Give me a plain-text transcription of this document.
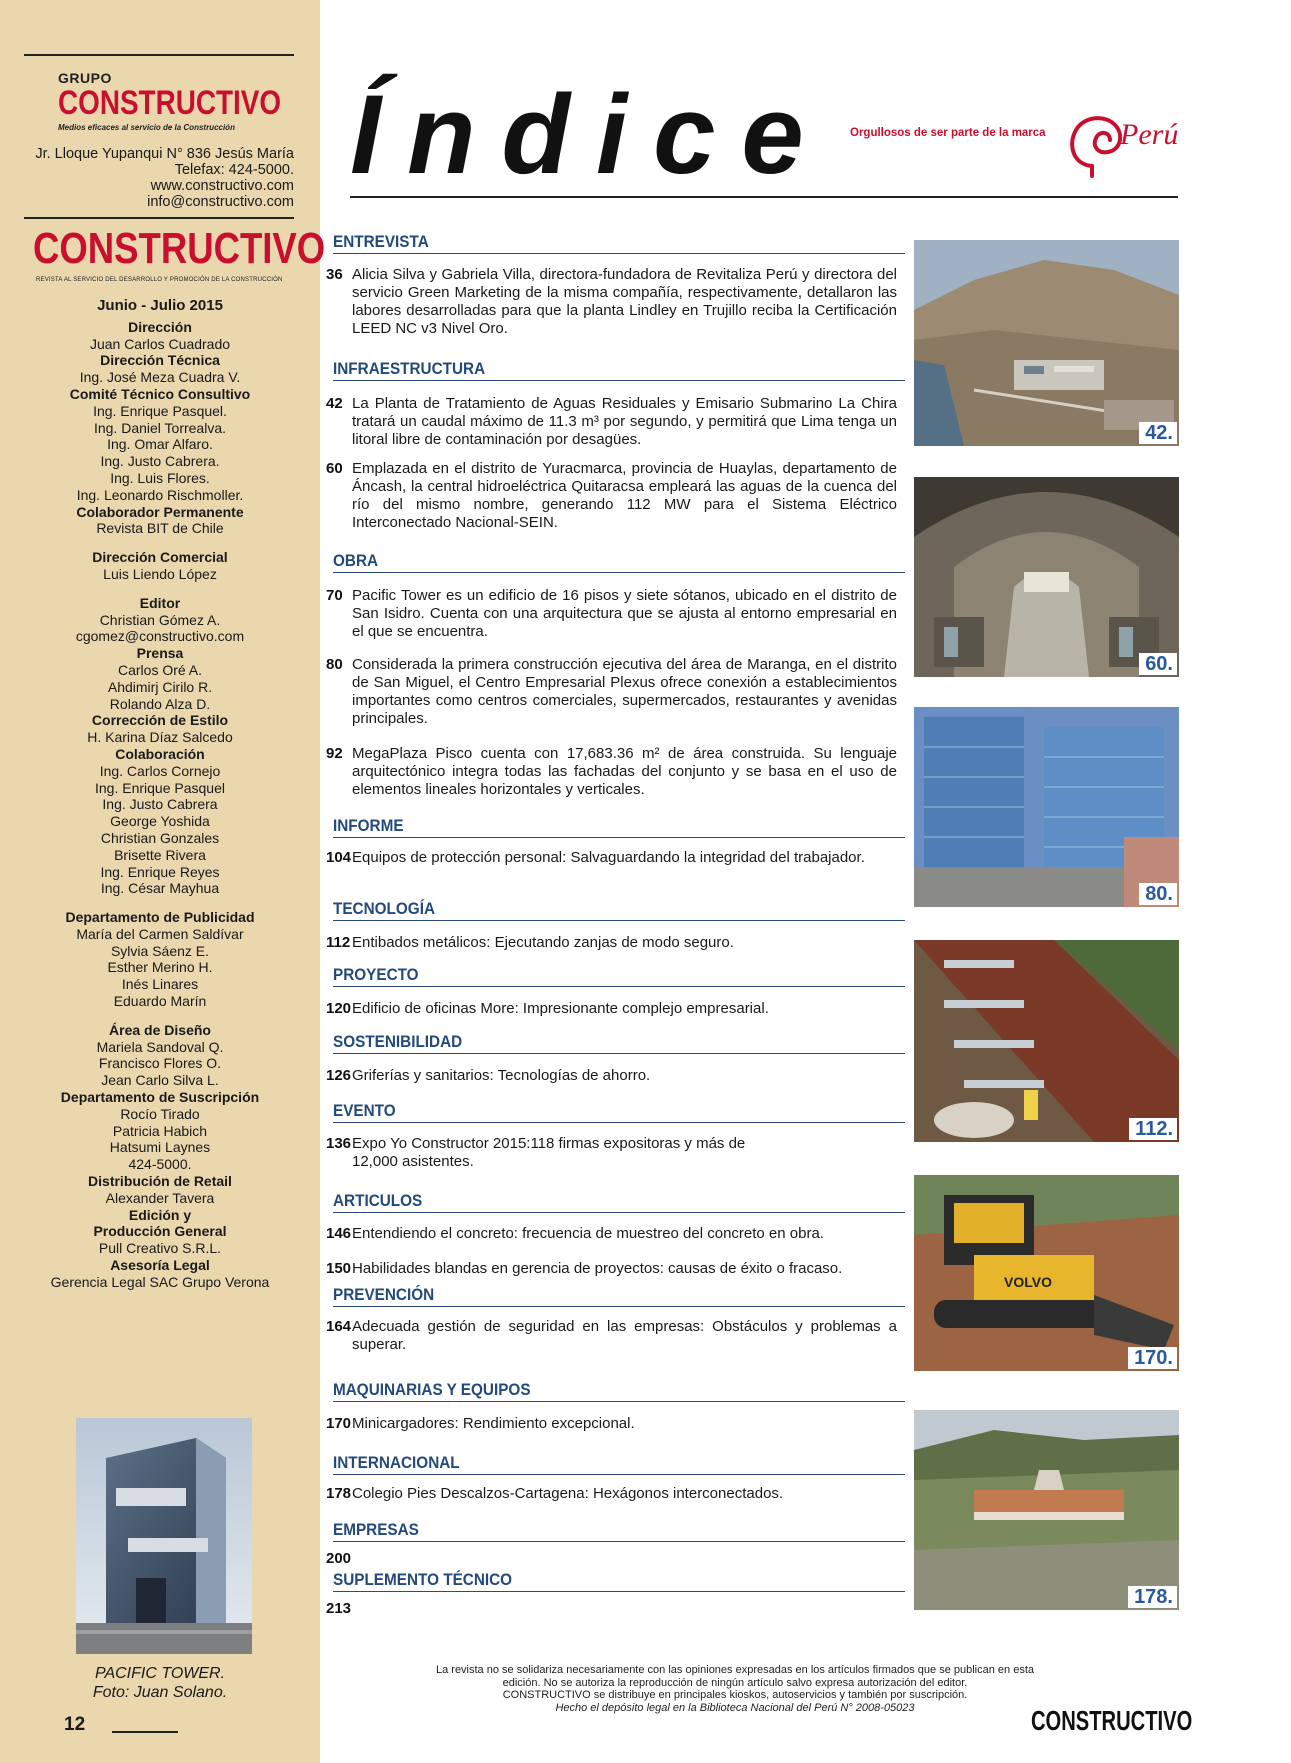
GRUPO
CONSTRUCTIVO
Medios eficaces al servicio de la Construcción
Jr. Lloque Yupanqui N° 836 Jesús María
Telefax: 424-5000.
www.constructivo.com
info@constructivo.com
CONSTRUCTIVO
REVISTA AL SERVICIO DEL DESARROLLO Y PROMOCIÓN DE LA CONSTRUCCIÓN
Junio - Julio 2015
Dirección
Juan Carlos Cuadrado
Dirección Técnica
Ing. José Meza Cuadra V.
Comité Técnico Consultivo
Ing. Enrique Pasquel.
Ing. Daniel Torrealva.
Ing. Omar Alfaro.
Ing. Justo Cabrera.
Ing. Luis Flores.
Ing. Leonardo Rischmoller.
Colaborador Permanente
Revista BIT de Chile
Dirección Comercial
Luis Liendo López
Editor
Christian Gómez A.
cgomez@constructivo.com
Prensa
Carlos Oré A.
Ahdimirj Cirilo R.
Rolando Alza D.
Corrección de Estilo
H. Karina Díaz Salcedo
Colaboración
Ing. Carlos Cornejo
Ing. Enrique Pasquel
Ing. Justo Cabrera
George Yoshida
Christian Gonzales
Brisette Rivera
Ing. Enrique Reyes
Ing. César Mayhua
Departamento de Publicidad
María del Carmen Saldívar
Sylvia Sáenz E.
Esther Merino H.
Inés Linares
Eduardo Marín
Área de Diseño
Mariela Sandoval Q.
Francisco Flores O.
Jean Carlo Silva L.
Departamento de Suscripción
Rocío Tirado
Patricia Habich
Hatsumi Laynes
424-5000.
Distribución de Retail
Alexander Tavera
Edición y
Producción General
Pull Creativo S.R.L.
Asesoría Legal
Gerencia Legal SAC Grupo Verona
PACIFIC TOWER.
Foto: Juan Solano.
12
Índice Orgullosos de ser parte de la marca Perú
ENTREVISTA
36 Alicia Silva y Gabriela Villa, directora-fundadora de Revitaliza Perú y directora del servicio Green Marketing de la misma compañía, respectivamente, detallaron las labores desarrolladas para que la planta Lindley en Trujillo reciba la Certificación LEED NC v3 Nivel Oro.
INFRAESTRUCTURA
42 La Planta de Tratamiento de Aguas Residuales y Emisario Submarino La Chira tratará un caudal máximo de 11.3 m³ por segundo, y permitirá que Lima tenga un litoral libre de contaminación por desagües.
60 Emplazada en el distrito de Yuracmarca, provincia de Huaylas, departamento de Áncash, la central hidroeléctrica Quitaracsa empleará las aguas de la cuenca del río del mismo nombre, generando 112 MW para el Sistema Eléctrico Interconectado Nacional-SEIN.
OBRA
70 Pacific Tower es un edificio de 16 pisos y siete sótanos, ubicado en el distrito de San Isidro. Cuenta con una arquitectura que se ajusta al entorno empresarial en el que se encuentra.
80 Considerada la primera construcción ejecutiva del área de Maranga, en el distrito de San Miguel, el Centro Empresarial Plexus ofrece conexión a establecimientos importantes como centros comerciales, supermercados, restaurantes y avenidas principales.
92 MegaPlaza Pisco cuenta con 17,683.36 m² de área construida. Su lenguaje arquitectónico integra todas las fachadas del conjunto y se basa en el uso de elementos lineales horizontales y verticales.
INFORME
104 Equipos de protección personal: Salvaguardando la integridad del trabajador.
TECNOLOGÍA
112 Entibados metálicos: Ejecutando zanjas de modo seguro.
PROYECTO
120 Edificio de oficinas More: Impresionante complejo empresarial.
SOSTENIBILIDAD
126 Griferías y sanitarios: Tecnologías de ahorro.
EVENTO
136 Expo Yo Constructor 2015:118 firmas expositoras y más de 12,000 asistentes.
ARTICULOS
146 Entendiendo el concreto: frecuencia de muestreo del concreto en obra.
150 Habilidades blandas en gerencia de proyectos: causas de éxito o fracaso.
PREVENCIÓN
164 Adecuada gestión de seguridad en las empresas: Obstáculos y problemas a superar.
MAQUINARIAS Y EQUIPOS
170 Minicargadores: Rendimiento excepcional.
INTERNACIONAL
178 Colegio Pies Descalzos-Cartagena: Hexágonos interconectados.
EMPRESAS
200
SUPLEMENTO TÉCNICO
213
42.
60.
80.
112.
VOLVO
170.
178.
La revista no se solidariza necesariamente con las opiniones expresadas en los artículos firmados que se publican en esta
edición. No se autoriza la reproducción de ningún artículo salvo expresa autorización del editor.
CONSTRUCTIVO se distribuye en principales kioskos, autoservicios y también por suscripción.
Hecho el depósito legal en la Biblioteca Nacional del Perú N° 2008-05023	CONSTRUCTIVO
